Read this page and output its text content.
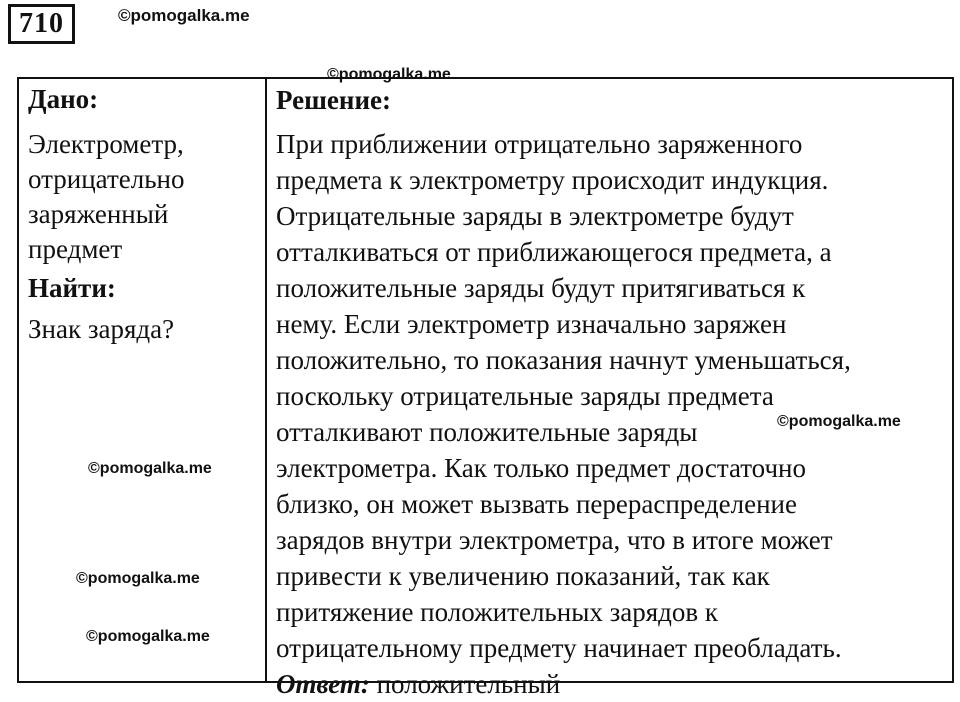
710	©pomogalka.me
Дано:
Электрометр,
отрицательно
заряженный
предмет
Найти:
Знак заряда?
Решение:
При приближении отрицательно заряженного
предмета к электрометру происходит индукция.
Отрицательные заряды в электрометре будут
отталкиваться от приближающегося предмета, а
положительные заряды будут притягиваться к
нему. Если электрометр изначально заряжен
положительно, то показания начнут уменьшаться,
поскольку отрицательные заряды предмета
отталкивают положительные заряды
электрометра. Как только предмет достаточно
близко, он может вызвать перераспределение
зарядов внутри электрометра, что в итоге может
привести к увеличению показаний, так как
притяжение положительных зарядов к
отрицательному предмету начинает преобладать.
Ответ: положительный
©pomogalka.me
©pomogalka.me
©pomogalka.me
©pomogalka.me
©pomogalka.me
